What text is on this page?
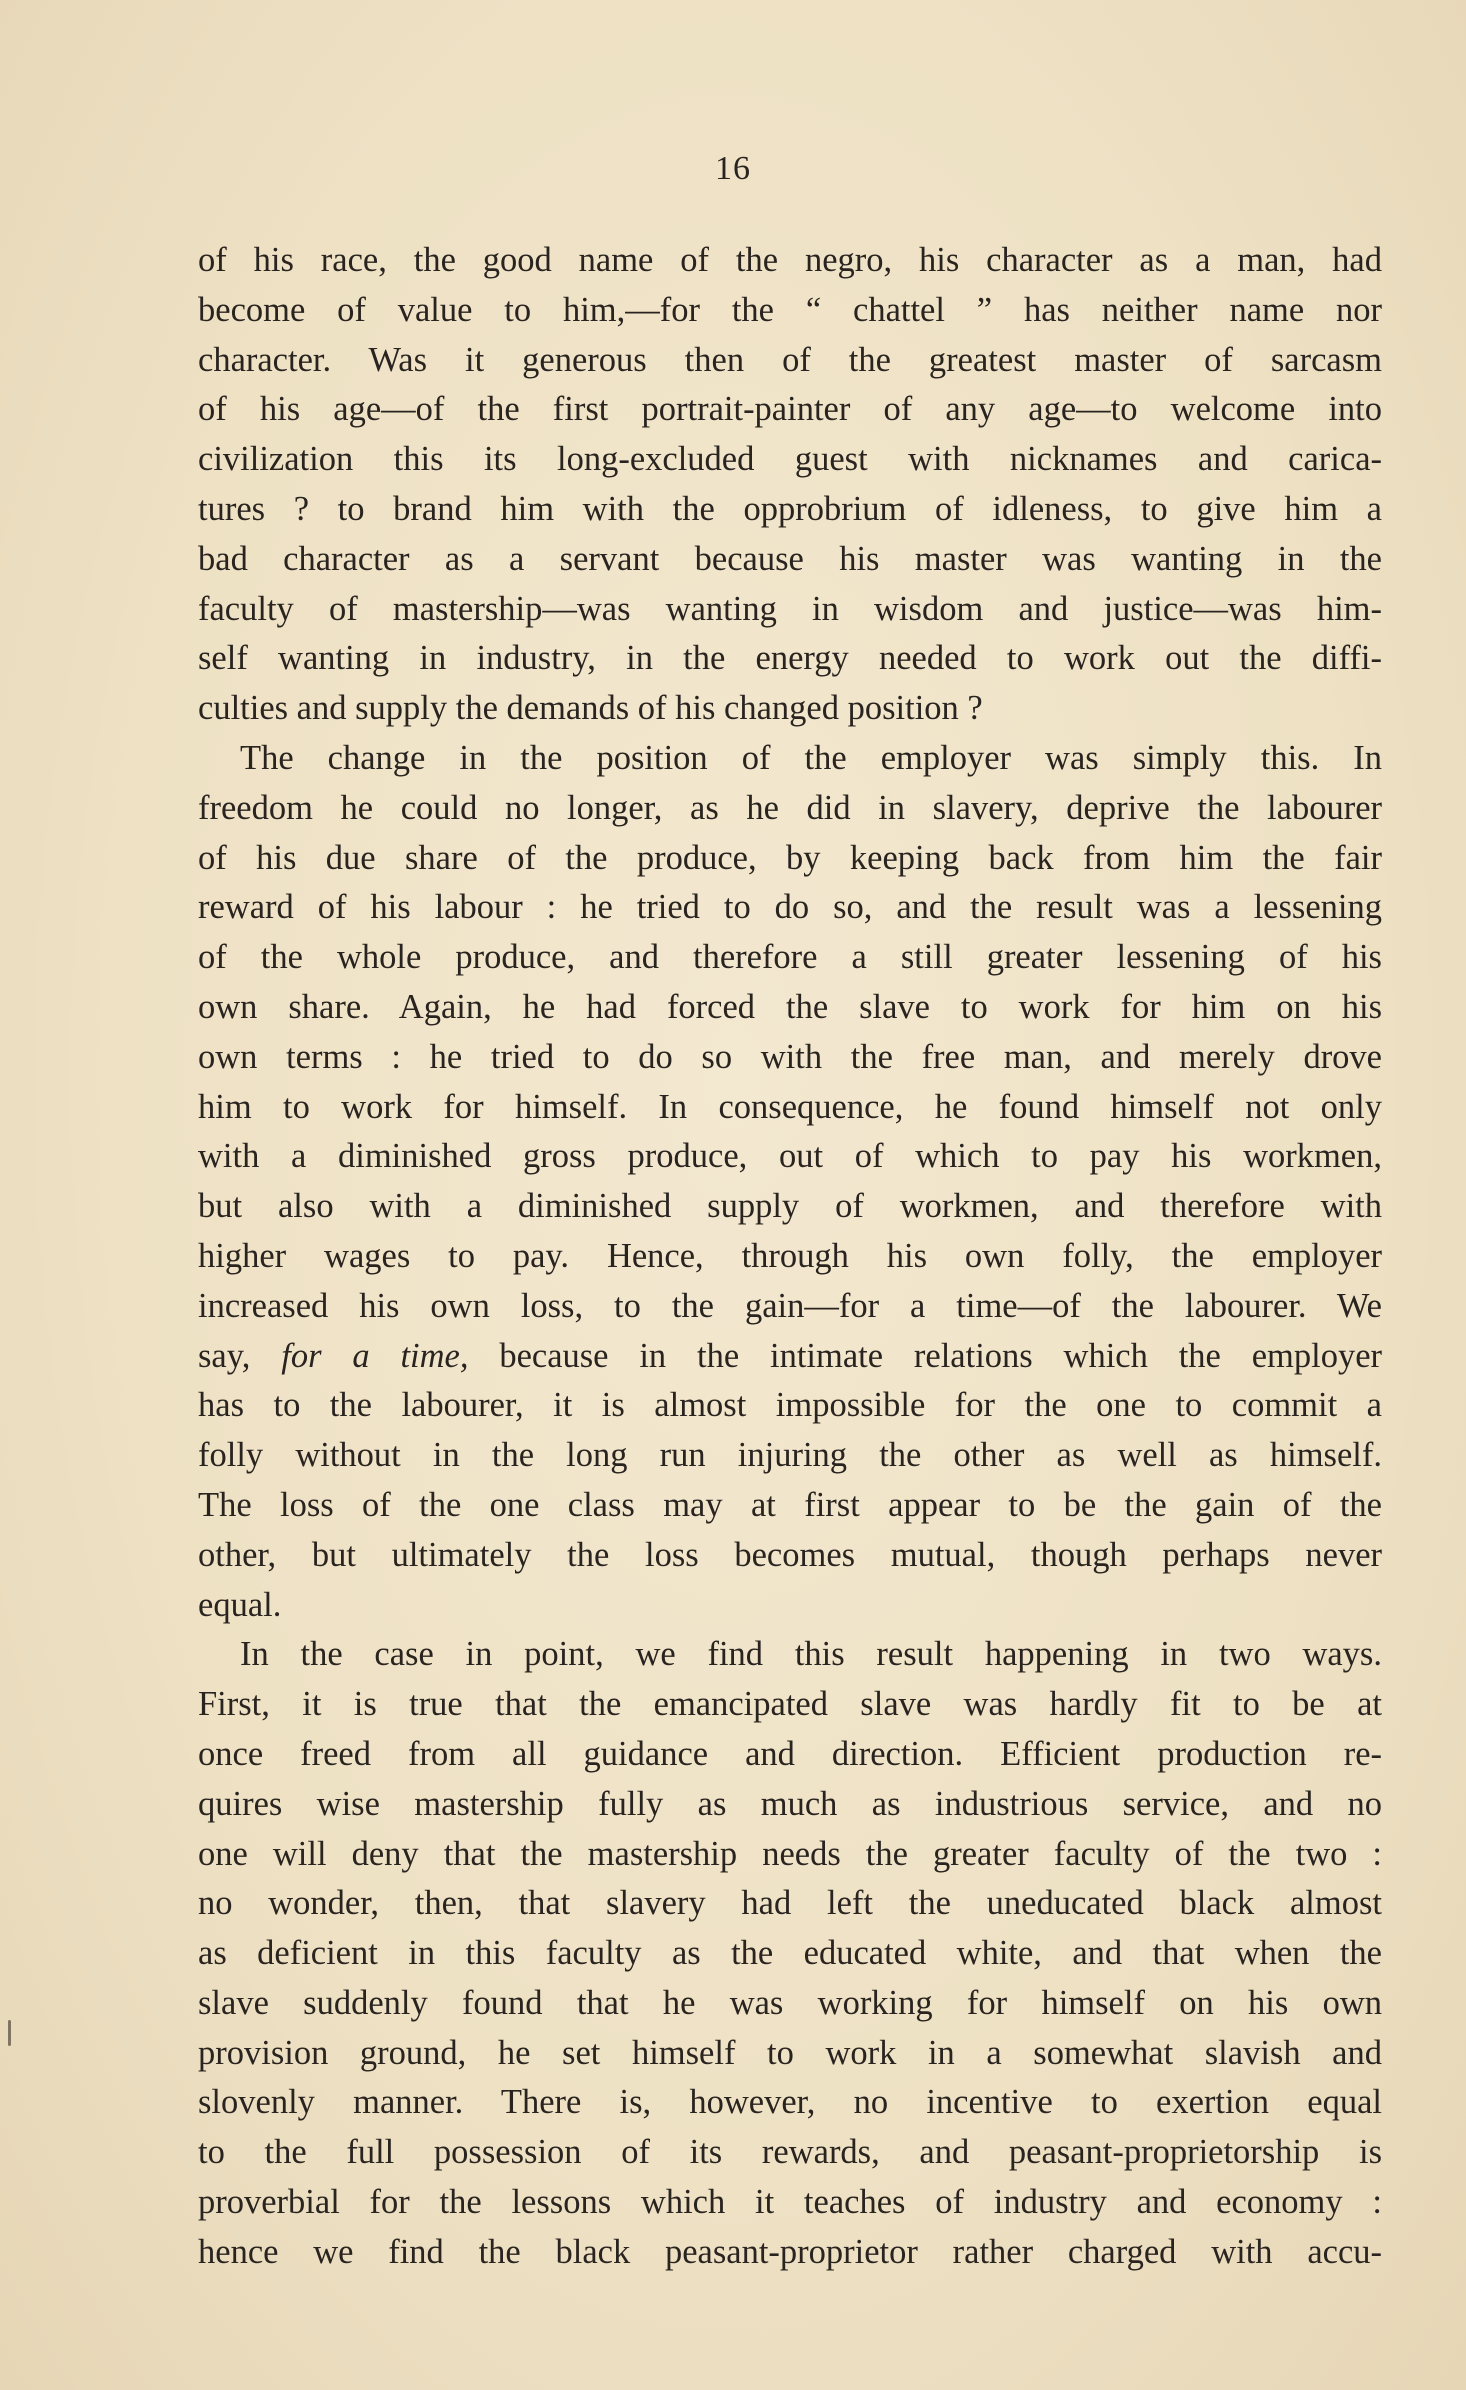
16
of his race, the good name of the negro, his character as a man, had
become of value to him,—for the “ chattel ” has neither name nor
character. Was it generous then of the greatest master of sarcasm
of his age—of the first portrait-painter of any age—to welcome into
civilization this its long-excluded guest with nicknames and carica-
tures ? to brand him with the opprobrium of idleness, to give him a
bad character as a servant because his master was wanting in the
faculty of mastership—was wanting in wisdom and justice—was him-
self wanting in industry, in the energy needed to work out the diffi-
culties and supply the demands of his changed position ?
The change in the position of the employer was simply this. In
freedom he could no longer, as he did in slavery, deprive the labourer
of his due share of the produce, by keeping back from him the fair
reward of his labour : he tried to do so, and the result was a lessening
of the whole produce, and therefore a still greater lessening of his
own share. Again, he had forced the slave to work for him on his
own terms : he tried to do so with the free man, and merely drove
him to work for himself. In consequence, he found himself not only
with a diminished gross produce, out of which to pay his workmen,
but also with a diminished supply of workmen, and therefore with
higher wages to pay. Hence, through his own folly, the employer
increased his own loss, to the gain—for a time—of the labourer. We
say, for a time, because in the intimate relations which the employer
has to the labourer, it is almost impossible for the one to commit a
folly without in the long run injuring the other as well as himself.
The loss of the one class may at first appear to be the gain of the
other, but ultimately the loss becomes mutual, though perhaps never
equal.
In the case in point, we find this result happening in two ways.
First, it is true that the emancipated slave was hardly fit to be at
once freed from all guidance and direction. Efficient production re-
quires wise mastership fully as much as industrious service, and no
one will deny that the mastership needs the greater faculty of the two :
no wonder, then, that slavery had left the uneducated black almost
as deficient in this faculty as the educated white, and that when the
slave suddenly found that he was working for himself on his own
provision ground, he set himself to work in a somewhat slavish and
slovenly manner. There is, however, no incentive to exertion equal
to the full possession of its rewards, and peasant-proprietorship is
proverbial for the lessons which it teaches of industry and economy :
hence we find the black peasant-proprietor rather charged with accu-
